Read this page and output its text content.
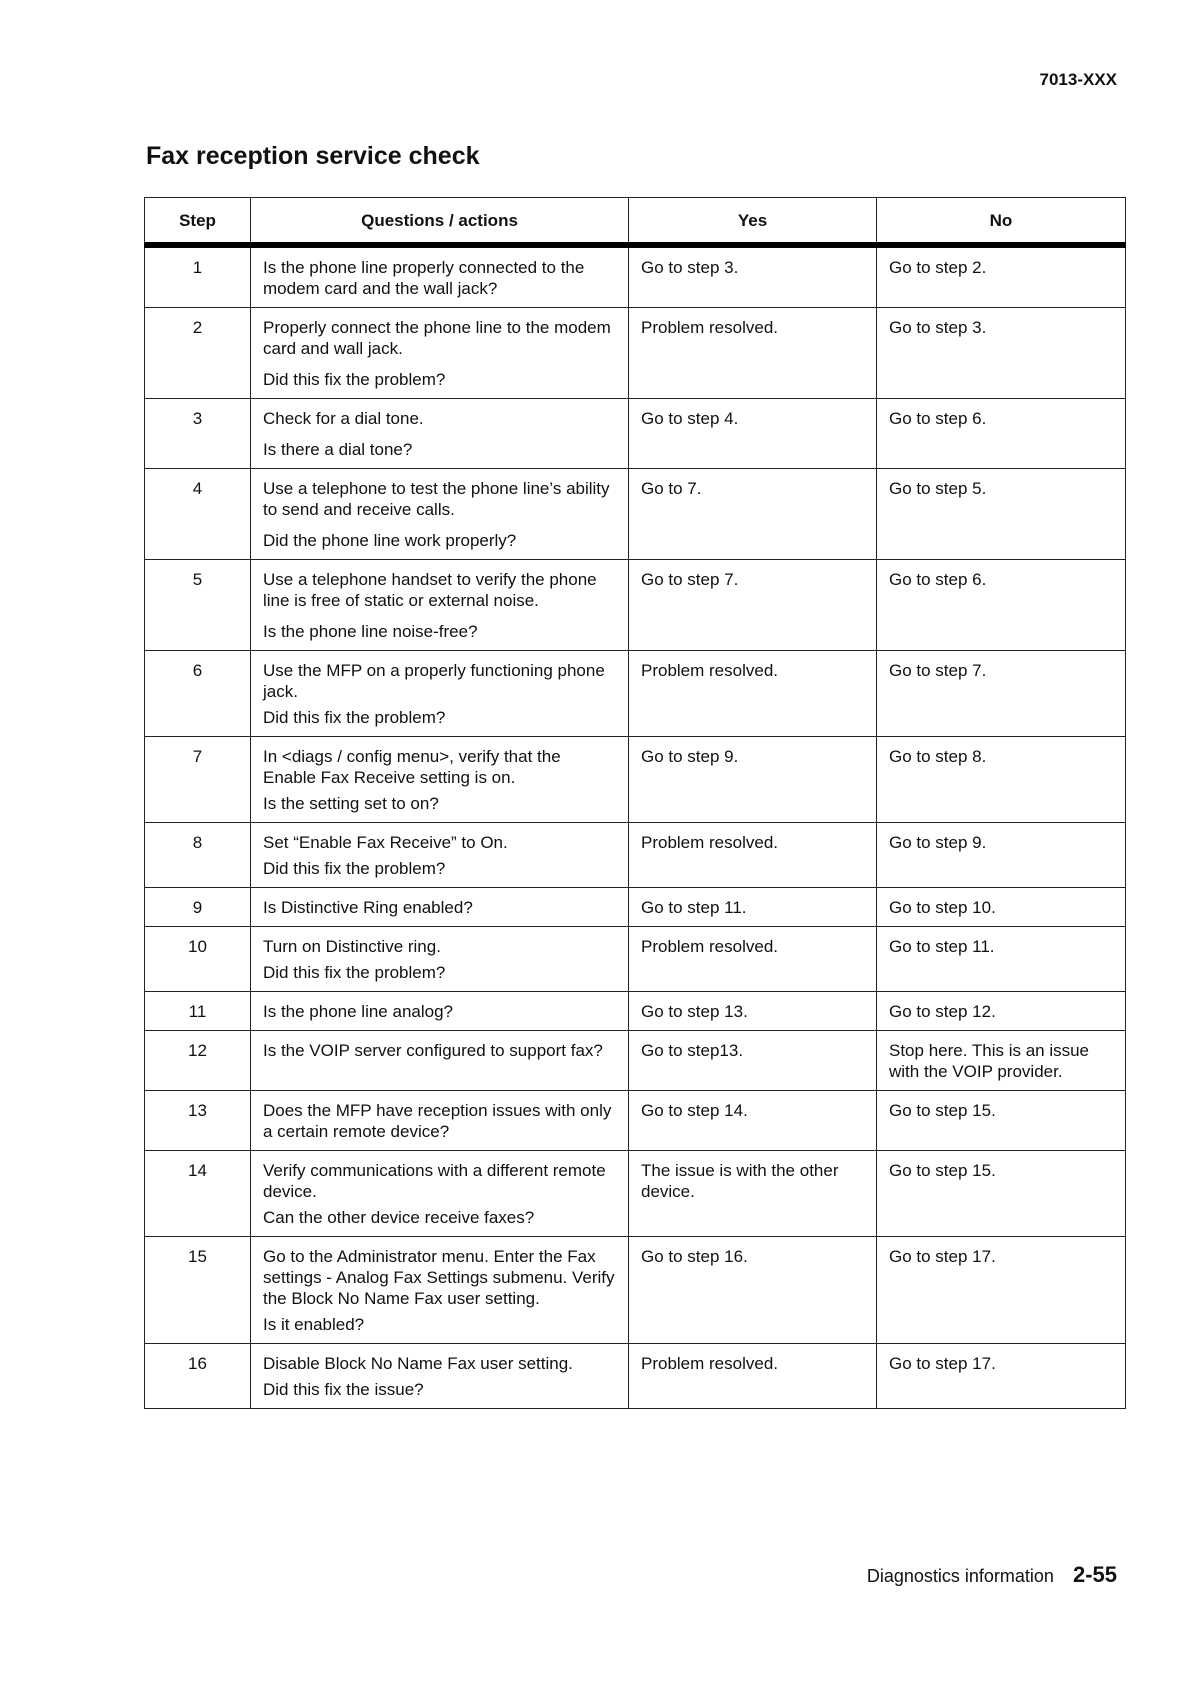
7013-XXX
Fax reception service check
Step	Questions / actions	Yes	No
1	Is the phone line properly connected to the modem card and the wall jack?	Go to step 3.	Go to step 2.
2	Properly connect the phone line to the modem card and wall jack.

Did this fix the problem?	Problem resolved.	Go to step 3.
3	Check for a dial tone.

Is there a dial tone?	Go to step 4.	Go to step 6.
4	Use a telephone to test the phone line’s ability to send and receive calls.

Did the phone line work properly?	Go to 7.	Go to step 5.
5	Use a telephone handset to verify the phone line is free of static or external noise.

Is the phone line noise-free?	Go to step 7.	Go to step 6.
6	Use the MFP on a properly functioning phone jack.

Did this fix the problem?	Problem resolved.	Go to step 7.
7	In <diags / config menu>, verify that the Enable Fax Receive setting is on.

Is the setting set to on?	Go to step 9.	Go to step 8.
8	Set “Enable Fax Receive” to On.

Did this fix the problem?	Problem resolved.	Go to step 9.
9	Is Distinctive Ring enabled?	Go to step 11.	Go to step 10.
10	Turn on Distinctive ring.

Did this fix the problem?	Problem resolved.	Go to step 11.
11	Is the phone line analog?	Go to step 13.	Go to step 12.
12	Is the VOIP server configured to support fax?	Go to step13.	Stop here. This is an issue with the VOIP provider.
13	Does the MFP have reception issues with only a certain remote device?	Go to step 14.	Go to step 15.
14	Verify communications with a different remote device.

Can the other device receive faxes?	The issue is with the other device.	Go to step 15.
15	Go to the Administrator menu. Enter the Fax settings - Analog Fax Settings submenu. Verify the Block No Name Fax user setting.

Is it enabled?	Go to step 16.	Go to step 17.
16	Disable Block No Name Fax user setting.

Did this fix the issue?	Problem resolved.	Go to step 17.
Diagnostics information 2-55
